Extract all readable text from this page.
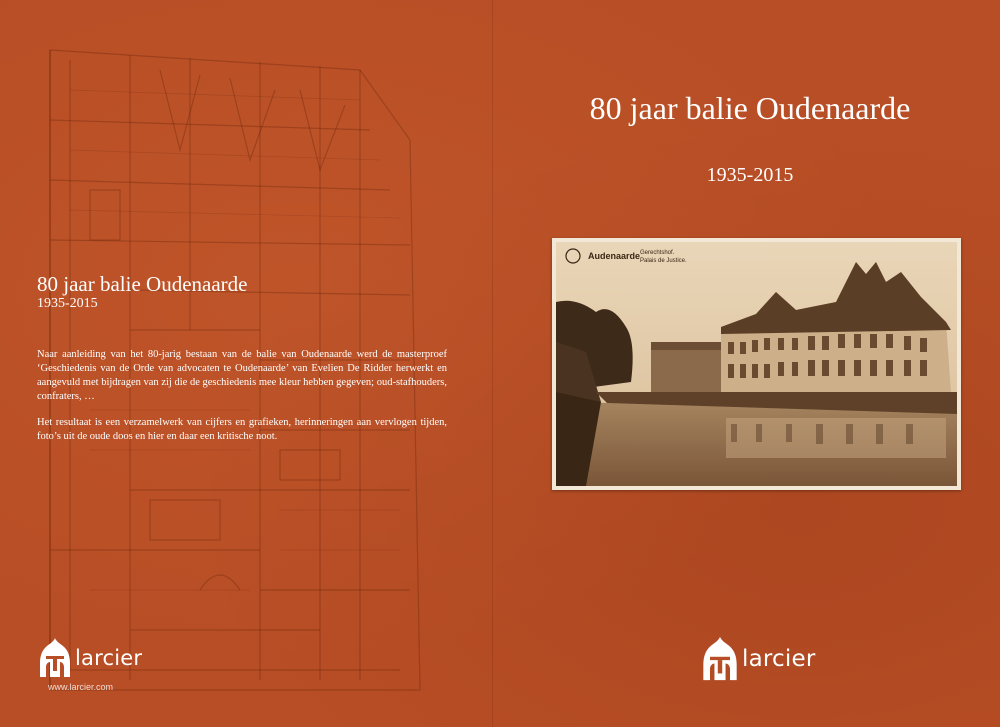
80 jaar balie Oudenaarde

1935-2015

Naar aanleiding van het 80-jarig bestaan van de balie van Oudenaarde werd de masterproef ‘Geschiedenis van de Orde van advocaten te Oudenaarde’ van Evelien De Ridder herwerkt en aangevuld met bijdragen van zij die de geschiedenis mee kleur hebben gegeven; oud-stafhouders, confraters, …

Het resultaat is een verzamelwerk van cijfers en grafieken, herinneringen aan vervlogen tijden, foto’s uit de oude doos en hier en daar een kritische noot.

larcier
www.larcier.com
80 jaar balie Oudenaarde

1935-2015

Audenaarde Gerechtshof.
Palais de Justice.
larcier
